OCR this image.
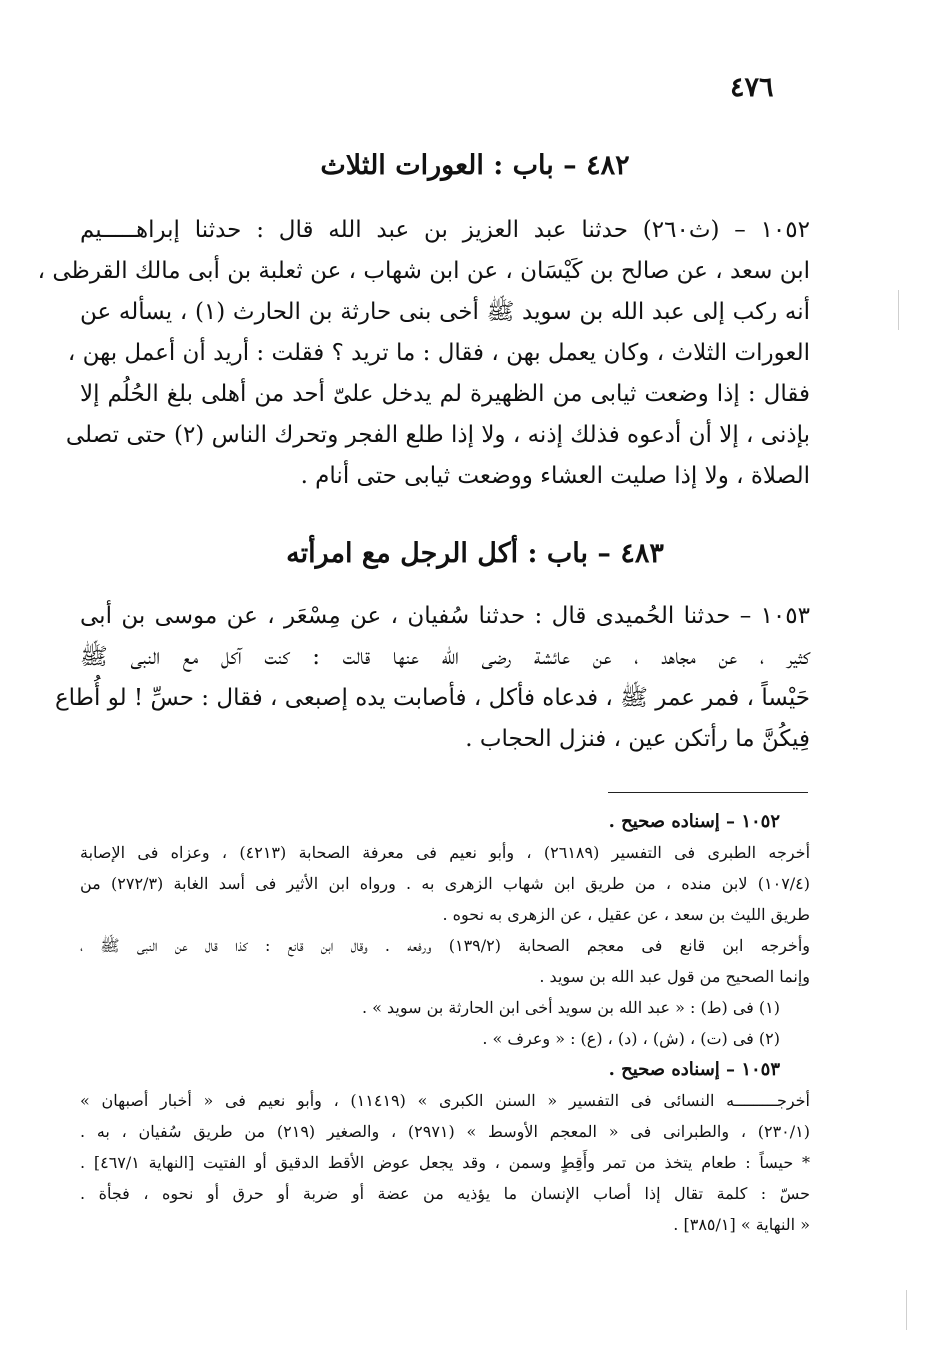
٤٧٦
٤٨٢ – باب : العورات الثلاث
١٠٥٢ – (ث٢٦٠) حدثنا عبد العزيز بن عبد الله قال : حدثنا إبراهـــــيم
ابن سعد ، عن صالح بن كَيْسَان ، عن ابن شهاب ، عن ثعلبة بن أبى مالك القرظى ،
أنه ركب إلى عبد الله بن سويد ﷺ أخى بنى حارثة بن الحارث (١) ، يسأله عن
العورات الثلاث ، وكان يعمل بهن ، فقال : ما تريد ؟ فقلت : أريد أن أعمل بهن ،
فقال : إذا وضعت ثيابى من الظهيرة لم يدخل علىّ أحد من أهلى بلغ الحُلُم إلا
بإذنى ، إلا أن أدعوه فذلك إذنه ، ولا إذا طلع الفجر وتحرك الناس (٢) حتى تصلى
الصلاة ، ولا إذا صليت العشاء ووضعت ثيابى حتى أنام .
٤٨٣ – باب : أكل الرجل مع امرأته
١٠٥٣ – حدثنا الحُميدى قال : حدثنا سُفيان ، عن مِسْعَر ، عن موسى بن أبى
كثير ، عن مجاهد ، عن عائشة رضى الله عنها قالت : كنت آكل مع النبى ﷺ
حَيْساً ، فمر عمر ﷺ ، فدعاه فأكل ، فأصابت يده إصبعى ، فقال : حسِّ ! لو أُطاع
فِيكُنَّ ما رأتكن عين ، فنزل الحجاب .
١٠٥٢ – إسناده صحيح .
أخرجه الطبرى فى التفسير (٢٦١٨٩) ، وأبو نعيم فى معرفة الصحابة (٤٢١٣) ، وعزاه فى الإصابة
(١٠٧/٤) لابن منده ، من طريق ابن شهاب الزهرى به . ورواه ابن الأثير فى أسد الغابة (٢٧٢/٣) من
طريق الليث بن سعد ، عن عقيل ، عن الزهرى به نحوه .
وأخرجه ابن قانع فى معجم الصحابة (١٣٩/٢) ورفعه . وقال ابن قانع : كذا قال عن النبى ﷺ ،
وإنما الصحيح من قول عبد الله بن سويد .
(١) فى (ط) : « عبد الله بن سويد أخى ابن الحارثة بن سويد » .
(٢) فى (ت) ، (ش) ، (د) ، (ع) : « وعرف » .
١٠٥٣ – إسناده صحيح .
أخرجـــــــــه النسائى فى التفسير « السنن الكبرى » (١١٤١٩) ، وأبو نعيم فى « أخبار أصبهان »
(٢٣٠/١) ، والطبرانى فى « المعجم الأوسط » (٢٩٧١) ، والصغير (٢١٩) من طريق سُفيان ، به .
* حيساً : طعام يتخذ من تمر وأَقِطٍ وسمن ، وقد يجعل عوض الأقط الدقيق أو الفتيت [النهاية ٤٦٧/١] .
حسّ : كلمة تقال إذا أصاب الإنسان ما يؤذيه من عضة أو ضربة أو حرق أو نحوه ، فجأة .
« النهاية » [٣٨٥/١] .
